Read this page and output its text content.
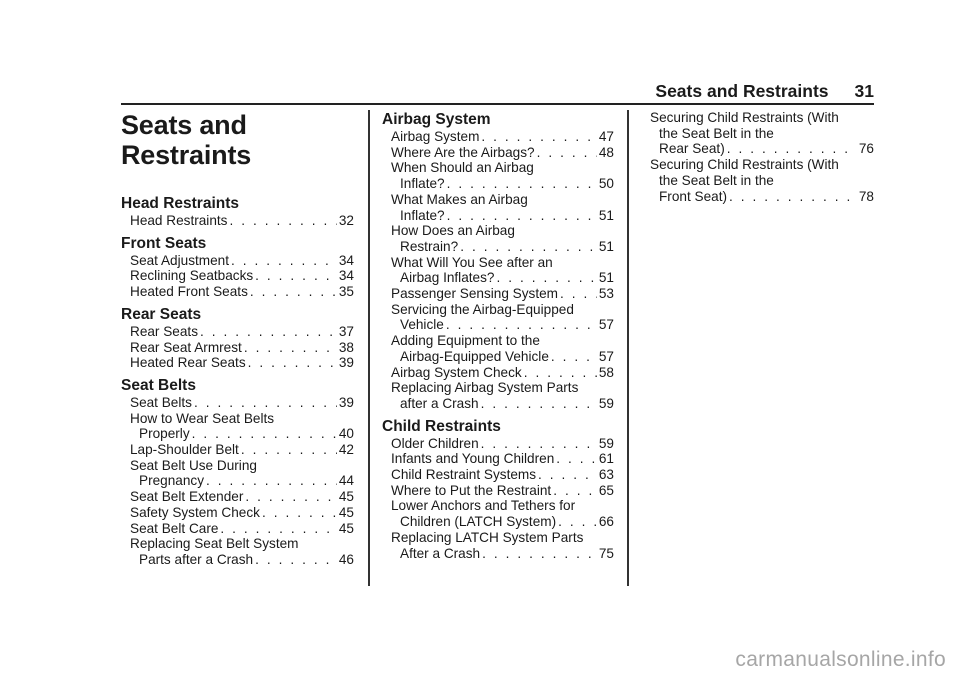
Seats and Restraints 31
Seats and
Restraints
Head Restraints
Head Restraints . . .	32
Front Seats
Seat Adjustment . . .	34
Reclining Seatbacks . . .	34
Heated Front Seats . . .	35
Rear Seats
Rear Seats . . .	37
Rear Seat Armrest . . .	38
Heated Rear Seats . . .	39
Seat Belts
Seat Belts . . .	39
How to Wear Seat Belts
Properly . . .	40
Lap-Shoulder Belt . . .	42
Seat Belt Use During
Pregnancy . . .	44
Seat Belt Extender . . .	45
Safety System Check . . .	45
Seat Belt Care . . .	45
Replacing Seat Belt System
Parts after a Crash . . .	46
Airbag System
Airbag System . . .	47
Where Are the Airbags? . . .	48
When Should an Airbag
Inflate? . . .	50
What Makes an Airbag
Inflate? . . .	51
How Does an Airbag
Restrain? . . .	51
What Will You See after an
Airbag Inflates? . . .	51
Passenger Sensing System . . .	53
Servicing the Airbag-Equipped
Vehicle . . .	57
Adding Equipment to the
Airbag-Equipped Vehicle . . .	57
Airbag System Check . . .	58
Replacing Airbag System Parts
after a Crash . . .	59
Child Restraints
Older Children . . .	59
Infants and Young Children . . .	61
Child Restraint Systems . . .	63
Where to Put the Restraint . . .	65
Lower Anchors and Tethers for
Children (LATCH System) . . .	66
Replacing LATCH System Parts
After a Crash . . .	75
Securing Child Restraints (With
the Seat Belt in the
Rear Seat) . . .	76
Securing Child Restraints (With
the Seat Belt in the
Front Seat) . . .	78
carmanualsonline.info
